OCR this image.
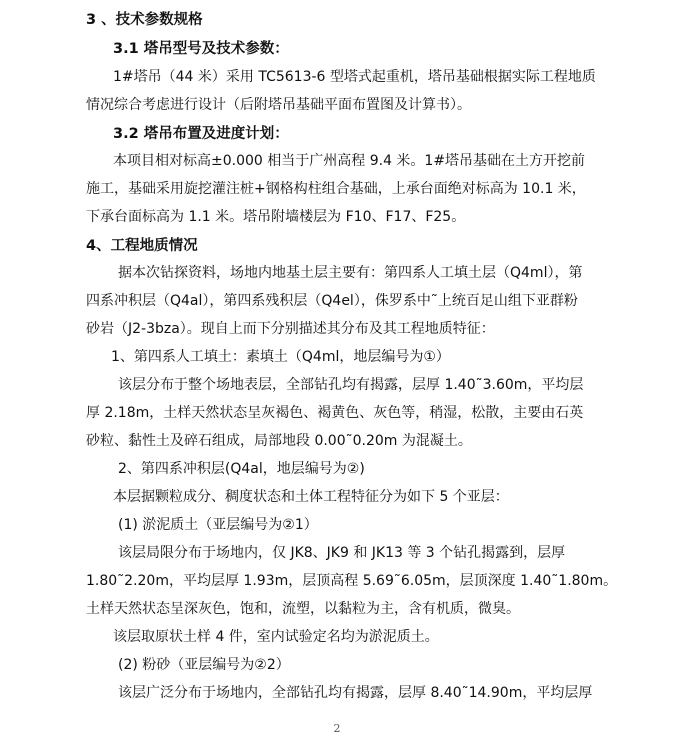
3 、技术参数规格
3.1 塔吊型号及技术参数：
1#塔吊（44 米）采用 TC5613-6 型塔式起重机，塔吊基础根据实际工程地质
情况综合考虑进行设计（后附塔吊基础平面布置图及计算书）。
3.2 塔吊布置及进度计划：
本项目相对标高±0.000 相当于广州高程 9.4 米。1#塔吊基础在土方开挖前
施工，基础采用旋挖灌注桩+钢格构柱组合基础，上承台面绝对标高为 10.1 米，
下承台面标高为 1.1 米。塔吊附墙楼层为 F10、F17、F25。
4、工程地质情况
据本次钻探资料，场地内地基土层主要有：第四系人工填土层（Q4ml），第
四系冲积层（Q4al），第四系残积层（Q4el），侏罗系中˜上统百足山组下亚群粉
砂岩（J2-3bza）。现自上而下分别描述其分布及其工程地质特征：
1、第四系人工填土：素填土（Q4ml，地层编号为①）
该层分布于整个场地表层，全部钻孔均有揭露，层厚 1.40˜3.60m，平均层
厚 2.18m，土样天然状态呈灰褐色、褐黄色、灰色等，稍湿，松散，主要由石英
砂粒、黏性土及碎石组成，局部地段 0.00˜0.20m 为混凝土。
2、第四系冲积层(Q4al，地层编号为②)
本层据颗粒成分、稠度状态和土体工程特征分为如下 5 个亚层：
(1) 淤泥质土（亚层编号为②1）
该层局限分布于场地内，仅 JK8、JK9 和 JK13 等 3 个钻孔揭露到，层厚
1.80˜2.20m，平均层厚 1.93m，层顶高程 5.69˜6.05m，层顶深度 1.40˜1.80m。
土样天然状态呈深灰色，饱和，流塑，以黏粒为主，含有机质，微臭。
该层取原状土样 4 件，室内试验定名均为淤泥质土。
(2) 粉砂（亚层编号为②2）
该层广泛分布于场地内，全部钻孔均有揭露，层厚 8.40˜14.90m，平均层厚
2
